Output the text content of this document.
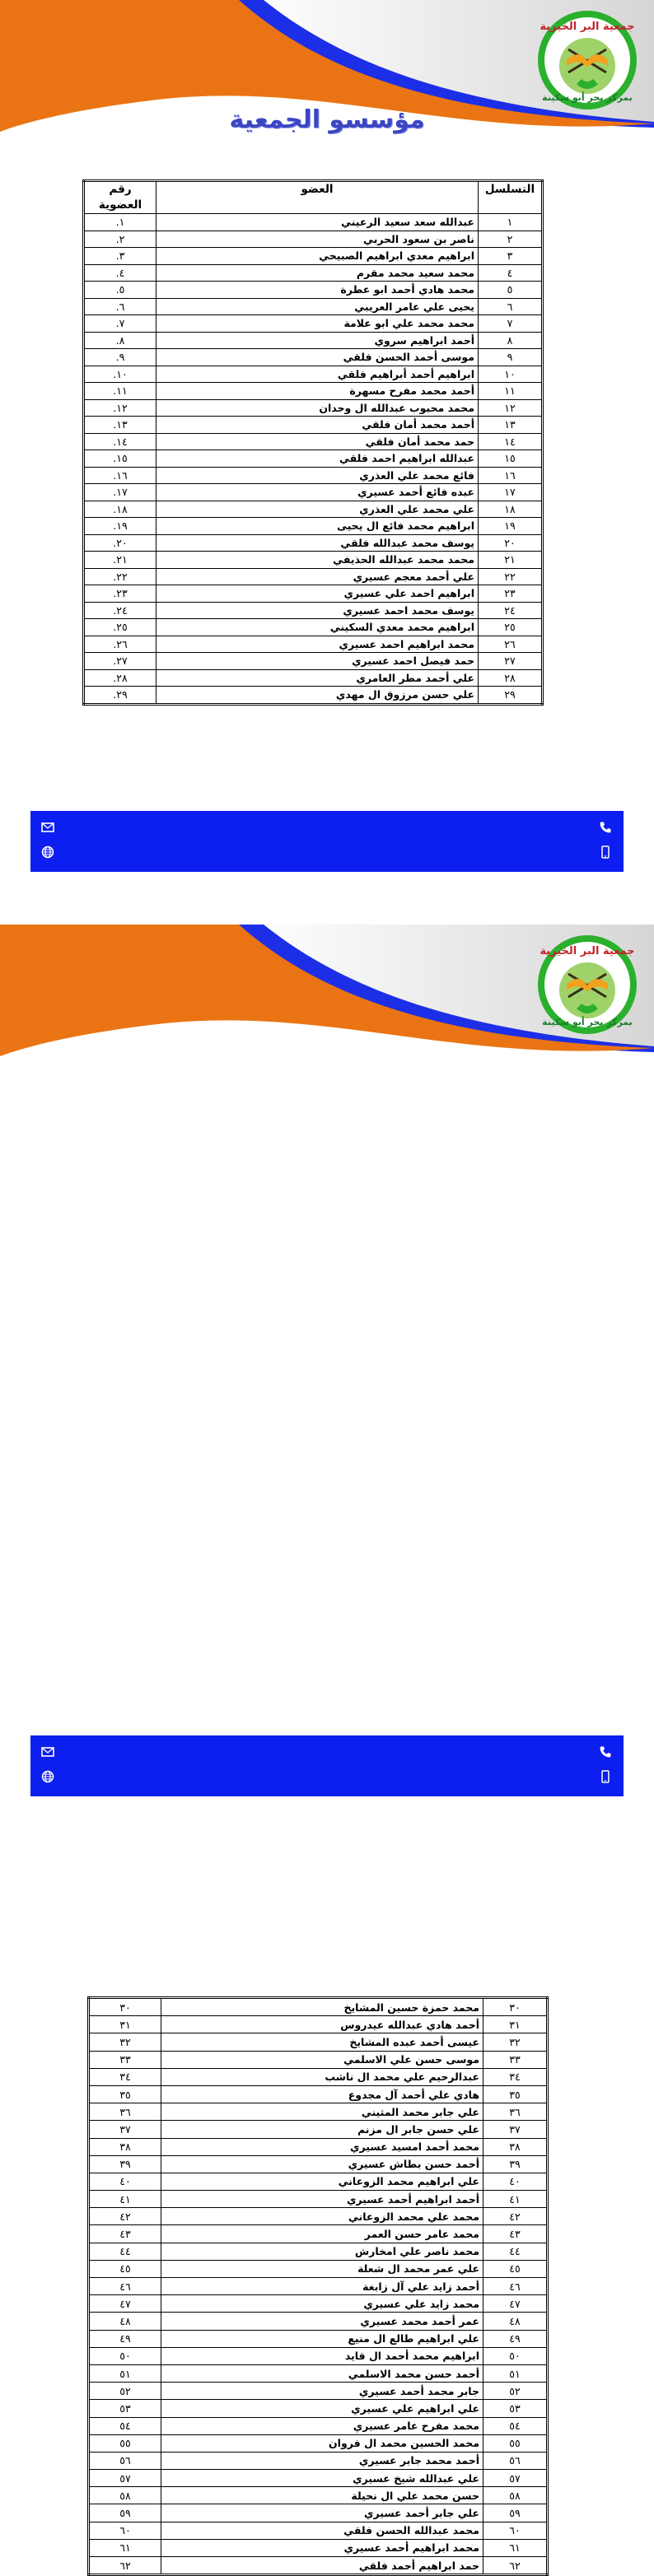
جمعية البر الخيرية
بمركز بحر أبو سكينة
مؤسسو الجمعية
التسلسل	العضو	رقم العضوية
١	عبدالله سعد سعيد الرعيني	١.
٢	ناصر بن سعود الحربي	٢.
٣	ابراهيم معدي ابراهيم الصبيحي	٣.
٤	محمد سعيد محمد مقرم	٤.
٥	محمد هادي أحمد ابو عطرة	٥.
٦	يحيى علي عامر العريبي	٦.
٧	محمد محمد علي ابو علامة	٧.
٨	أحمد ابراهيم سروي	٨.
٩	موسى أحمد الحسن فلقي	٩.
١٠	ابراهيم أحمد أبراهيم فلقي	١٠.
١١	أحمد محمد مفرح مسهرة	١١.
١٢	محمد محبوب عبدالله ال وحدان	١٢.
١٣	أحمد محمد أمان فلقي	١٣.
١٤	حمد محمد أمان فلقي	١٤.
١٥	عبدالله ابراهيم احمد فلقي	١٥.
١٦	فائع محمد علي العذري	١٦.
١٧	عبده فائع أحمد عسيري	١٧.
١٨	علي محمد علي العذري	١٨.
١٩	ابراهيم محمد فائع ال يحيى	١٩.
٢٠	يوسف محمد عبدالله فلقي	٢٠.
٢١	محمد محمد عبدالله الحذيفي	٢١.
٢٢	علي أحمد معجم عسيري	٢٢.
٢٣	ابراهيم احمد علي عسيري	٢٣.
٢٤	يوسف محمد احمد عسيري	٢٤.
٢٥	ابراهيم محمد معدي السكيني	٢٥.
٢٦	محمد ابراهيم احمد عسيري	٢٦.
٢٧	حمد فيصل احمد عسيري	٢٧.
٢٨	علي أحمد مطر العامري	٢٨.
٢٩	علي حسن مرزوق ال مهدي	٢٩.
جمعية البر الخيرية
بمركز بحر أبو سكينة
٣٠	محمد حمزة حسين المشايخ	٣٠
٣١	أحمد هادي عبدالله عيدروس	٣١
٣٢	عيسى أحمد عبده المشايخ	٣٢
٣٣	موسى حسن علي الاسلمي	٣٣
٣٤	عبدالرحيم علي محمد ال ناشب	٣٤
٣٥	هادي علي أحمد آل مجدوع	٣٥
٣٦	علي جابر محمد المثيني	٣٦
٣٧	علي حسن جابر ال مزنم	٣٧
٣٨	محمد أحمد امسيد عسيري	٣٨
٣٩	أحمد حسن بطاش عسيري	٣٩
٤٠	علي ابراهيم محمد الزوعاني	٤٠
٤١	أحمد ابراهيم أحمد عسيري	٤١
٤٢	محمد علي محمد الزوعاني	٤٢
٤٣	محمد عامر حسن العمر	٤٣
٤٤	محمد ناصر علي امخارش	٤٤
٤٥	علي عمر محمد ال شعلة	٤٥
٤٦	أحمد زايد علي آل زابغة	٤٦
٤٧	محمد زايد علي عسيري	٤٧
٤٨	عمر أحمد محمد عسيري	٤٨
٤٩	علي ابراهيم طالع ال منيع	٤٩
٥٠	ابراهيم محمد أحمد ال قايد	٥٠
٥١	أحمد حسن محمد الاسلمي	٥١
٥٢	جابر محمد أحمد عسيري	٥٢
٥٣	علي ابراهيم علي عسيري	٥٣
٥٤	محمد مفرح عامر عسيري	٥٤
٥٥	محمد الحسين محمد ال فروان	٥٥
٥٦	أحمد محمد جابر عسيري	٥٦
٥٧	علي عبدالله شيخ عسيري	٥٧
٥٨	حسن محمد علي ال نحيلة	٥٨
٥٩	علي جابر أحمد عسيري	٥٩
٦٠	محمد عبدالله الحسن فلقي	٦٠
٦١	محمد ابراهيم أحمد عسيري	٦١
٦٢	حمد ابراهيم أحمد فلقي	٦٢
